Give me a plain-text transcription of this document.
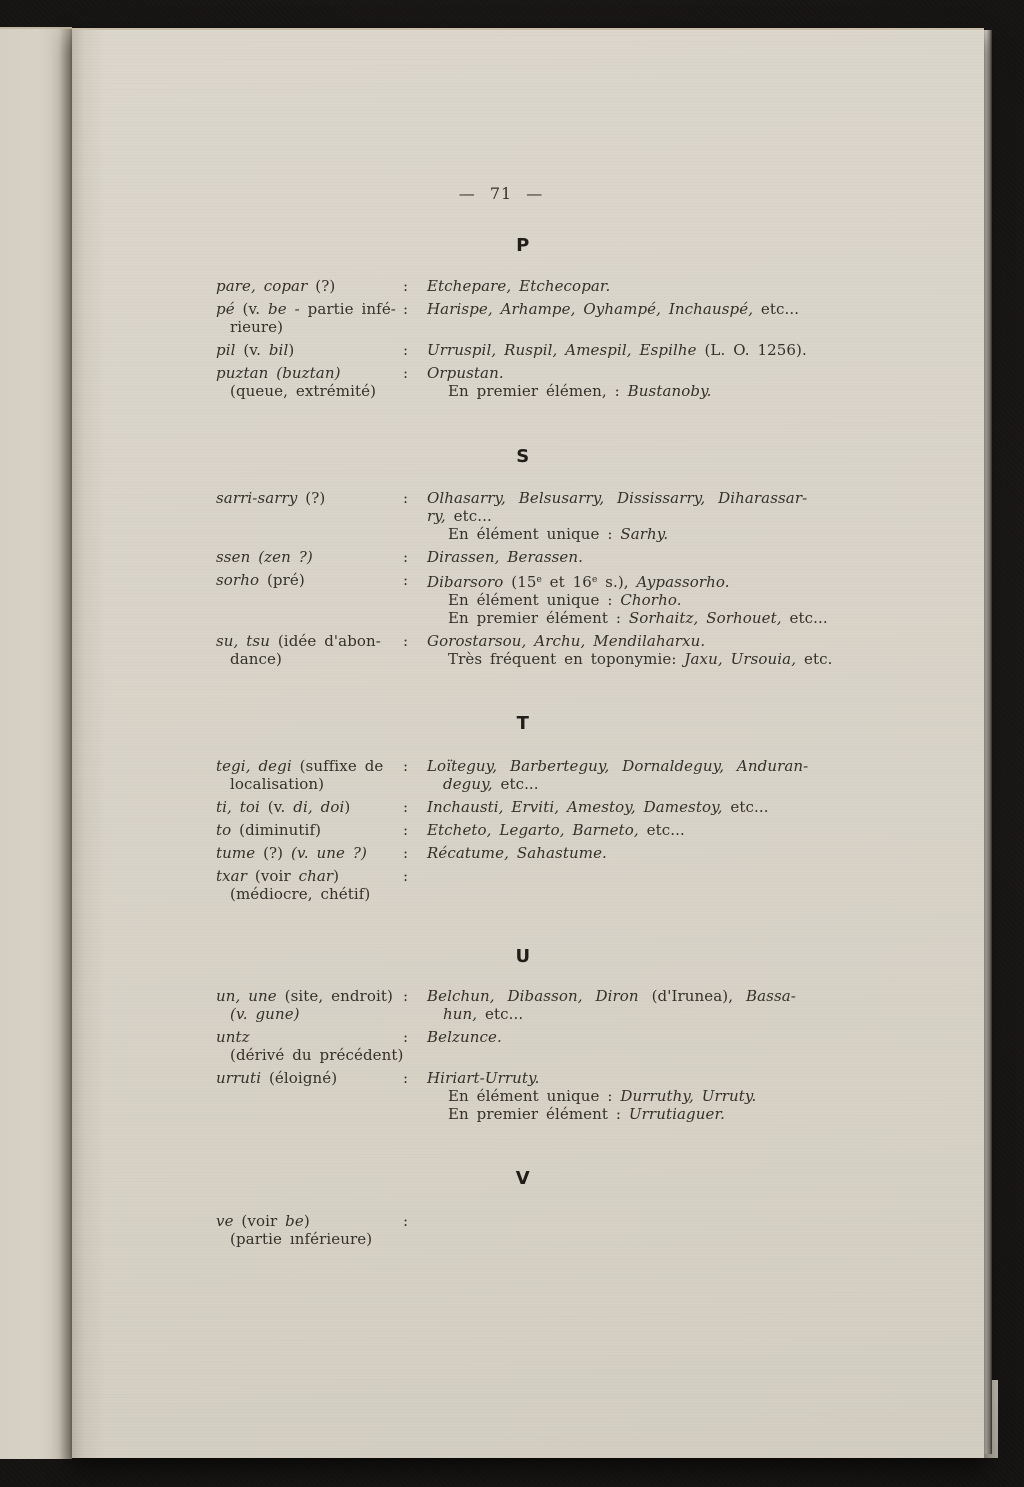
— 71 —
P
pare, copar (?)	:	Etchepare, Etchecopar.
pé (v. be - partie infé-
rieure)
:	Harispe, Arhampe, Oyhampé, Inchauspé, etc...
pil (v. bil)	:	Urruspil, Ruspil, Amespil, Espilhe (L. O. 1256).
puztan (buztan)
(queue, extrémité)
:	Orpustan.
En premier élémen, : Bustanoby.
S
sarri-sarry (?)	:	Olhasarry, Belsusarry, Dississarry, Diharassar-
ry, etc...
En élément unique : Sarhy.
ssen (zen ?)	:	Dirassen, Berassen.
sorho (pré)	:	Dibarsoro (15e et 16e s.), Aypassorho.
En élément unique : Chorho.
En premier élément : Sorhaitz, Sorhouet, etc...
su, tsu (idée d'abon-
dance)
:	Gorostarsou, Archu, Mendilaharxu.
Très fréquent en toponymie: Jaxu, Ursouia, etc.
T
tegi, degi (suffixe de
localisation)
:	Loïteguy, Barberteguy, Dornaldeguy, Anduran-
deguy, etc...
ti, toi (v. di, doi)	:	Inchausti, Erviti, Amestoy, Damestoy, etc...
to (diminutif)	:	Etcheto, Legarto, Barneto, etc...
tume (?) (v. une ?)	:	Récatume, Sahastume.
txar (voir char)
(médiocre, chétif)
:
U
un, une (site, endroit)
(v. gune)
:	Belchun, Dibasson, Diron (d'Irunea), Bassa-
hun, etc...
untz
(dérivé du précédent)
:	Belzunce.
urruti (éloigné)	:	Hiriart-Urruty.
En élément unique : Durruthy, Urruty.
En premier élément : Urrutiaguer.
V
ve (voir be)
(partie ınférieure)
:
